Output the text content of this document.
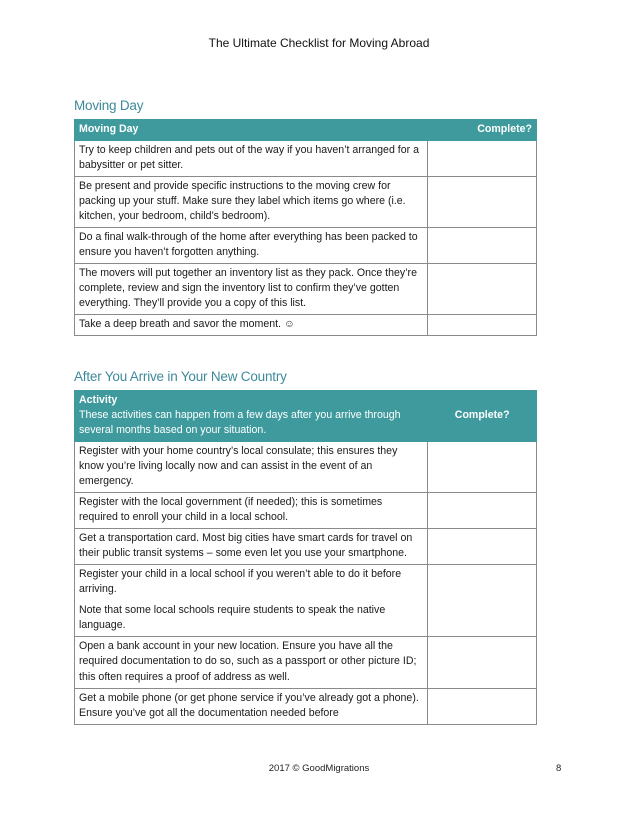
The Ultimate Checklist for Moving Abroad
Moving Day
Moving Day	Complete?
Try to keep children and pets out of the way if you haven’t arranged for a babysitter or pet sitter.	
Be present and provide specific instructions to the moving crew for packing up your stuff. Make sure they label which items go where (i.e. kitchen, your bedroom, child’s bedroom).	
Do a final walk-through of the home after everything has been packed to ensure you haven’t forgotten anything.	
The movers will put together an inventory list as they pack. Once they’re complete, review and sign the inventory list to confirm they’ve gotten everything. They’ll provide you a copy of this list.	
Take a deep breath and savor the moment. ☺	
After You Arrive in Your New Country
Activity
These activities can happen from a few days after you arrive through several months based on your situation.	Complete?
Register with your home country’s local consulate; this ensures they know you’re living locally now and can assist in the event of an emergency.	
Register with the local government (if needed); this is sometimes required to enroll your child in a local school.	
Get a transportation card. Most big cities have smart cards for travel on their public transit systems – some even let you use your smartphone.	

Register your child in a local school if you weren’t able to do it before arriving.
Note that some local schools require students to speak the native language.	

Open a bank account in your new location. Ensure you have all the required documentation to do so, such as a passport or other picture ID; this often requires a proof of address as well.	
Get a mobile phone (or get phone service if you’ve already got a phone). Ensure you’ve got all the documentation needed before	
2017 © GoodMigrations	8
